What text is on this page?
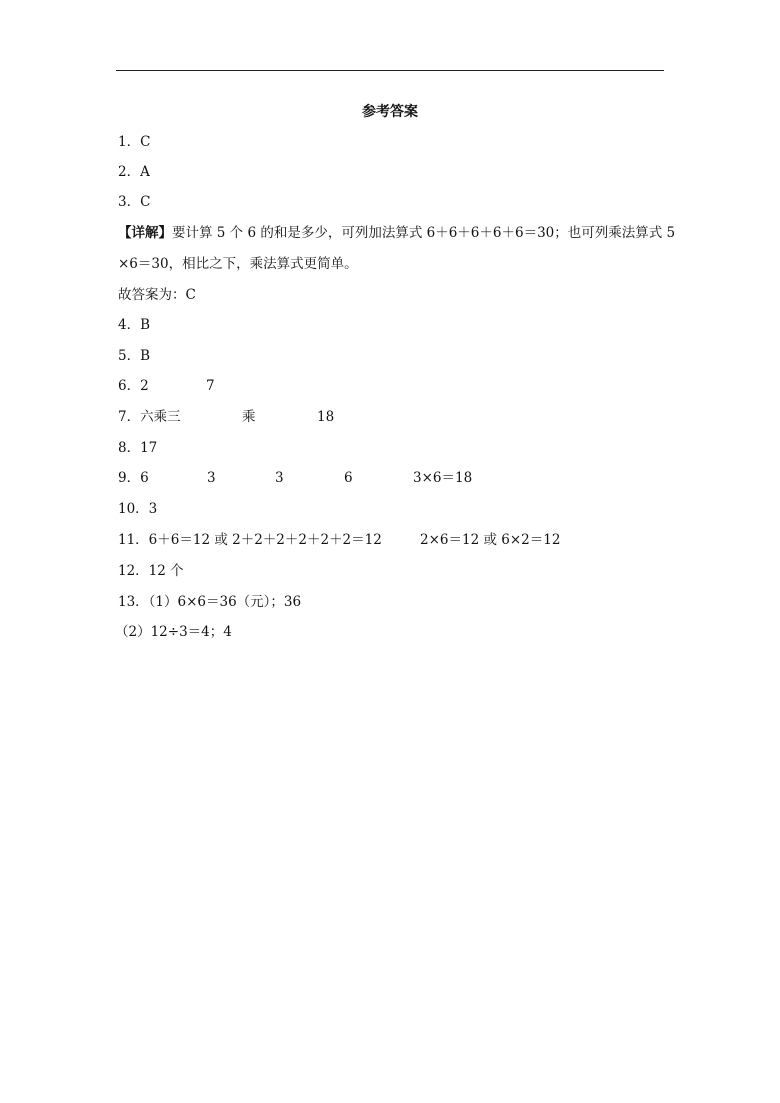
参考答案
1．C
2．A
3．C
【详解】要计算 5 个 6 的和是多少，可列加法算式 6＋6＋6＋6＋6＝30；也可列乘法算式 5
×6＝30，相比之下，乘法算式更简单。
故答案为：C
4．B
5．B
6．2	7
7．六乘三	乘	18
8．17
9．6	3	3	6	3×6＝18
10．3
11．6＋6＝12 或 2＋2＋2＋2＋2＋2＝12	2×6＝12 或 6×2＝12
12．12 个
13．（1）6×6＝36（元）；36
（2）12÷3＝4；4
